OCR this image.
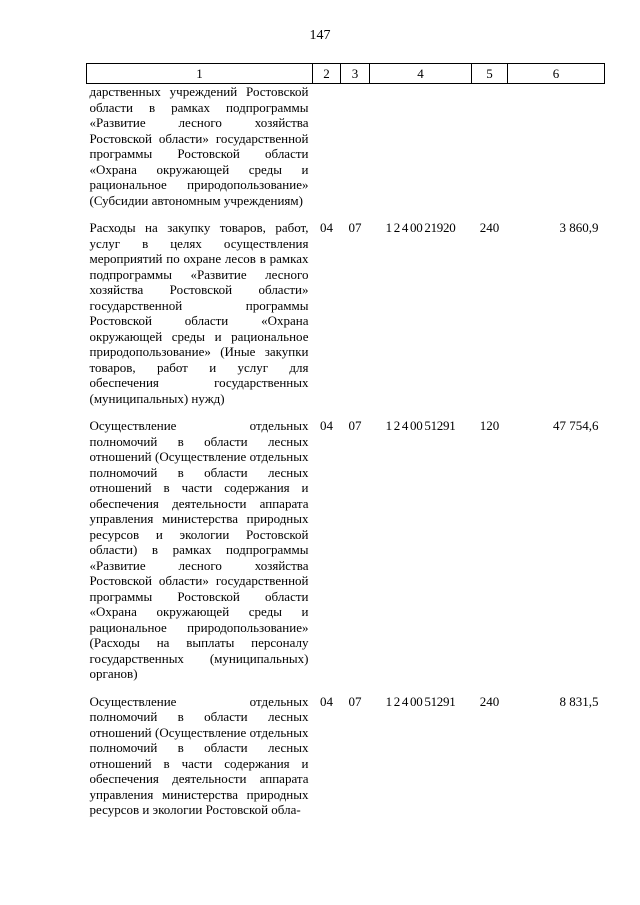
147
1	2	3	4	5	6
дарственных учреждений Ростовской области в рамках подпрограммы «Развитие лесного хозяйства Ростовской области» государственной программы Ростовской области «Охрана окружающей среды и рациональное природопользование» (Субсидии автономным учреждениям)					
Расходы на закупку товаров, работ, услуг в целях осуществления мероприятий по охране лесов в рамках подпрограммы «Развитие лесного хозяйства Ростовской области» государственной программы Ростовской области «Охрана окружающей среды и рациональное природопользование» (Иные закупки товаров, работ и услуг для обеспечения государственных (муниципальных) нужд)	04	07	1 2 4 00 21920	240	3 860,9
Осуществление отдельных полномочий в области лесных отношений (Осуществление отдельных полномочий в области лесных отношений в части содержания и обеспечения деятельности аппарата управления министерства природных ресурсов и экологии Ростовской области) в рамках подпрограммы «Развитие лесного хозяйства Ростовской области» государственной программы Ростовской области «Охрана окружающей среды и рациональное природопользование» (Расходы на выплаты персоналу государственных (муниципальных) органов)	04	07	1 2 4 00 51291	120	47 754,6
Осуществление отдельных полномочий в области лесных отношений (Осуществление отдельных полномочий в области лесных отношений в части содержания и обеспечения деятельности аппарата управления министерства природных ресурсов и экологии Ростовской обла-	04	07	1 2 4 00 51291	240	8 831,5
